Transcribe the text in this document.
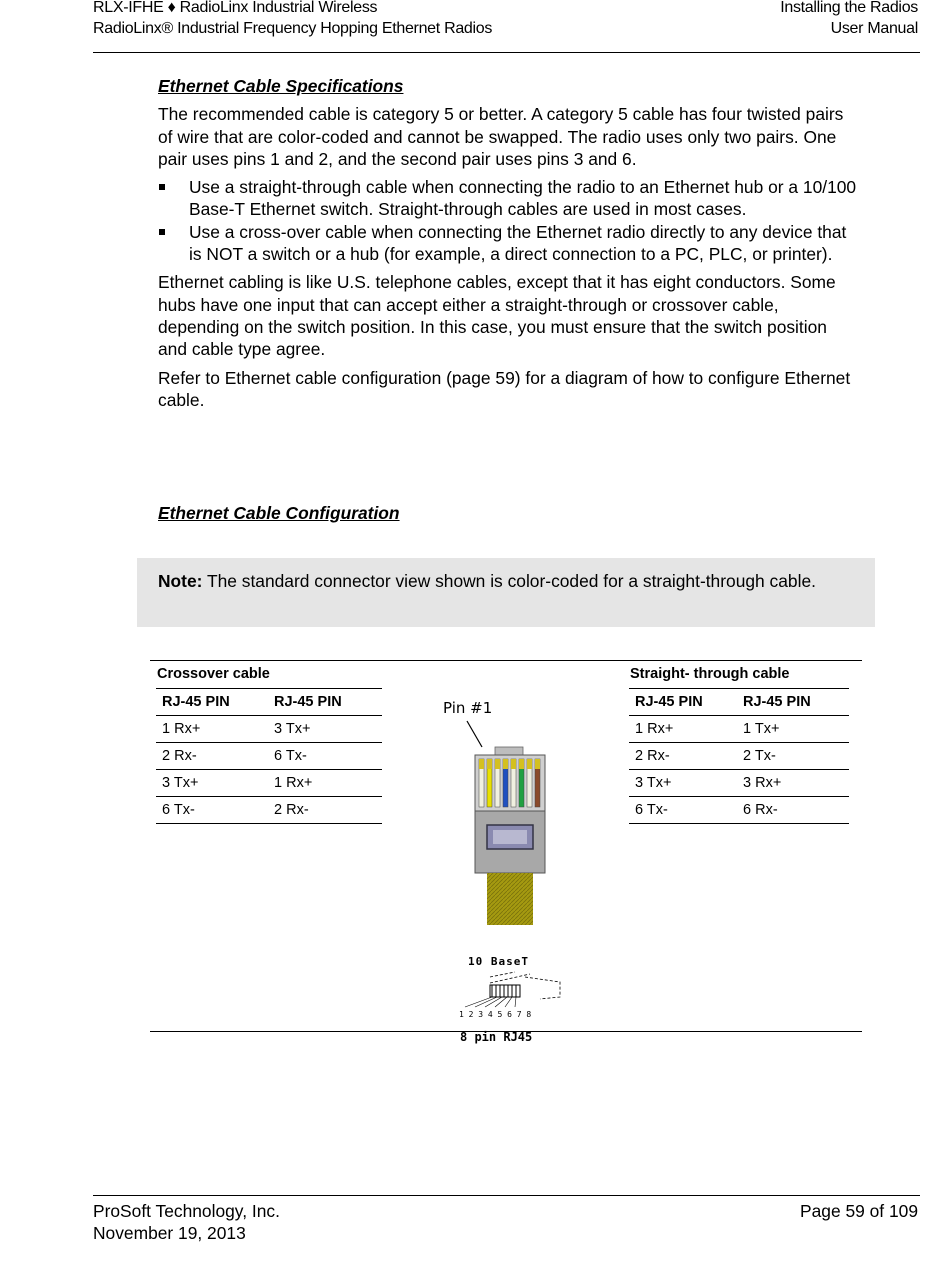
RLX-IFHE ♦ RadioLinx Industrial Wireless
RadioLinx® Industrial Frequency Hopping Ethernet Radios
Installing the Radios
User Manual
Ethernet Cable Specifications

The recommended cable is category 5 or better. A category 5 cable has four twisted pairs of wire that are color-coded and cannot be swapped. The radio uses only two pairs. One pair uses pins 1 and 2, and the second pair uses pins 3 and 6.

Use a straight-through cable when connecting the radio to an Ethernet hub or a 10/100 Base-T Ethernet switch. Straight-through cables are used in most cases.
Use a cross-over cable when connecting the Ethernet radio directly to any device that is NOT a switch or a hub (for example, a direct connection to a PC, PLC, or printer).

Ethernet cabling is like U.S. telephone cables, except that it has eight conductors. Some hubs have one input that can accept either a straight-through or crossover cable, depending on the switch position. In this case, you must ensure that the switch position and cable type agree.

Refer to Ethernet cable configuration (page 59) for a diagram of how to configure Ethernet cable.

Ethernet Cable Configuration
Note: The standard connector view shown is color-coded for a straight-through cable.
Crossover cable	Straight- through cable
RJ-45 PIN	RJ-45 PIN
1 Rx+	3 Tx+
2 Rx-	6 Tx-
3 Tx+	1 Rx+
6 Tx-	2 Rx-
RJ-45 PIN	RJ-45 PIN
1 Rx+	1 Tx+
2 Rx-	2 Tx-
3 Tx+	3 Rx+
6 Tx-	6 Rx-
Pin #1
10 BaseT
1 2 3 4 5 6 7 8
8 pin RJ45
ProSoft Technology, Inc.
November 19, 2013
Page 59 of 109
